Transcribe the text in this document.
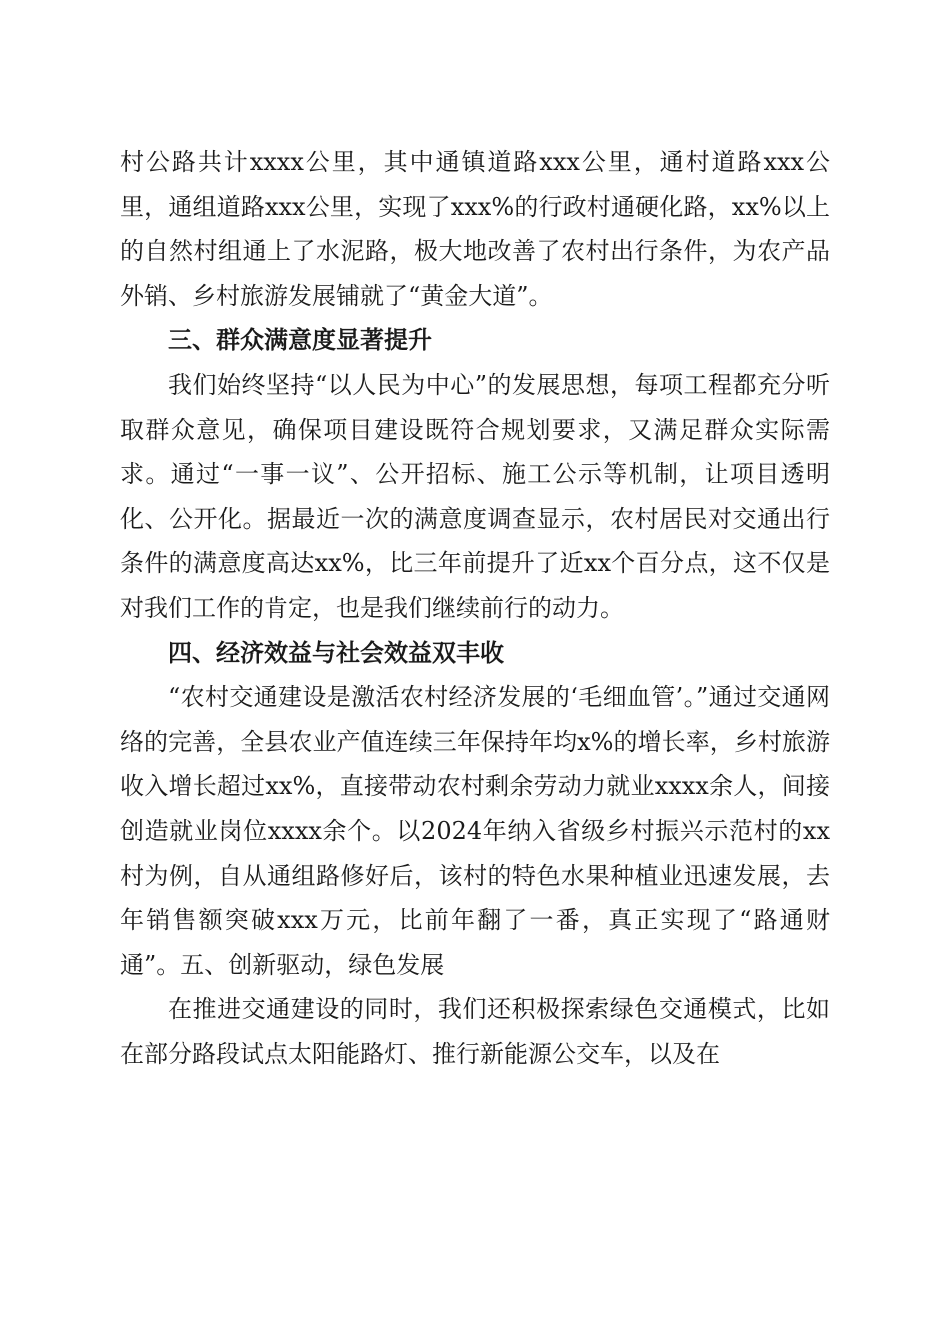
村公路共计xxxx公里，其中通镇道路xxx公里，通村道路xxx公里，通组道路xxx公里，实现了xxx%的行政村通硬化路，xx%以上的自然村组通上了水泥路，极大地改善了农村出行条件，为农产品外销、乡村旅游发展铺就了“黄金大道”。

三、群众满意度显著提升

我们始终坚持“以人民为中心”的发展思想，每项工程都充分听取群众意见，确保项目建设既符合规划要求，又满足群众实际需求。通过“一事一议”、公开招标、施工公示等机制，让项目透明化、公开化。据最近一次的满意度调查显示，农村居民对交通出行条件的满意度高达xx%，比三年前提升了近xx个百分点，这不仅是对我们工作的肯定，也是我们继续前行的动力。

四、经济效益与社会效益双丰收

“农村交通建设是激活农村经济发展的‘毛细血管’。”通过交通网络的完善，全县农业产值连续三年保持年均x%的增长率，乡村旅游收入增长超过xx%，直接带动农村剩余劳动力就业xxxx余人，间接创造就业岗位xxxx余个。以2024年纳入省级乡村振兴示范村的xx村为例，自从通组路修好后，该村的特色水果种植业迅速发展，去年销售额突破xxx万元，比前年翻了一番，真正实现了“路通财通”。五、创新驱动，绿色发展

在推进交通建设的同时，我们还积极探索绿色交通模式，比如在部分路段试点太阳能路灯、推行新能源公交车，以及在
